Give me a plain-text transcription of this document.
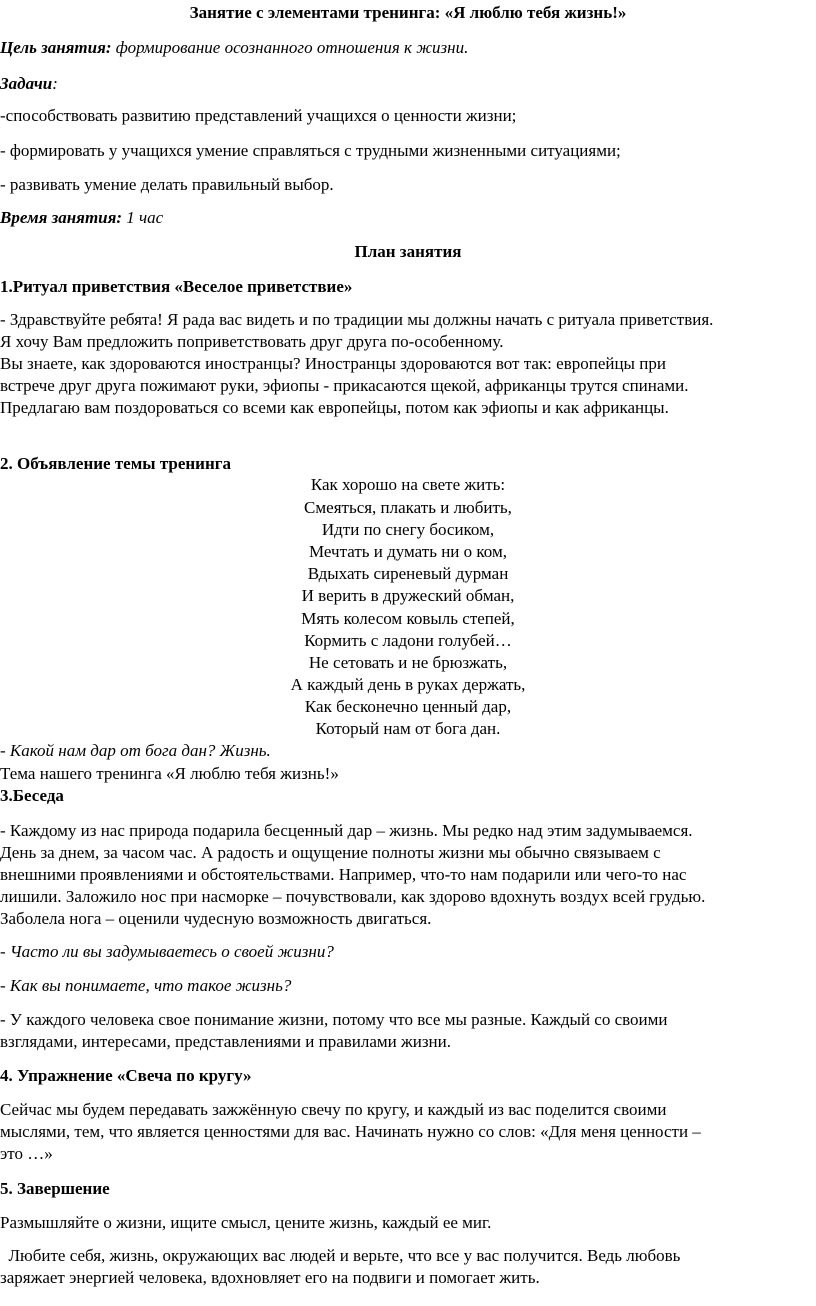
Занятие с элементами тренинга: «Я люблю тебя жизнь!»
Цель занятия: формирование осознанного отношения к жизни.
Задачи:
-способствовать развитию представлений учащихся о ценности жизни;
- формировать у учащихся умение справляться с трудными жизненными ситуациями;
- развивать умение делать правильный выбор.
Время занятия: 1 час
План занятия
1.Ритуал приветствия «Веселое приветствие»
- Здравствуйте ребята! Я рада вас видеть и по традиции мы должны начать с ритуала приветствия.
Я хочу Вам предложить поприветствовать друг друга по-особенному.
Вы знаете, как здороваются иностранцы? Иностранцы здороваются вот так: европейцы при
встрече друг друга пожимают руки, эфиопы - прикасаются щекой, африканцы трутся спинами.
Предлагаю вам поздороваться со всеми как европейцы, потом как эфиопы и как африканцы.
2. Объявление темы тренинга
Как хорошо на свете жить:
Смеяться, плакать и любить,
Идти по снегу босиком,
Мечтать и думать ни о ком,
Вдыхать сиреневый дурман
И верить в дружеский обман,
Мять колесом ковыль степей,
Кормить с ладони голубей…
Не сетовать и не брюзжать,
А каждый день в руках держать,
Как бесконечно ценный дар,
Который нам от бога дан.
- Какой нам дар от бога дан? Жизнь.
Тема нашего тренинга «Я люблю тебя жизнь!»
3.Беседа
- Каждому из нас природа подарила бесценный дар – жизнь. Мы редко над этим задумываемся.
День за днем, за часом час. А радость и ощущение полноты жизни мы обычно связываем с
внешними проявлениями и обстоятельствами. Например, что-то нам подарили или чего-то нас
лишили. Заложило нос при насморке – почувствовали, как здорово вдохнуть воздух всей грудью.
Заболела нога – оценили чудесную возможность двигаться.
- Часто ли вы задумываетесь о своей жизни?
- Как вы понимаете, что такое жизнь?
- У каждого человека свое понимание жизни, потому что все мы разные. Каждый со своими
взглядами, интересами, представлениями и правилами жизни.
4. Упражнение «Свеча по кругу»
Сейчас мы будем передавать зажжённую свечу по кругу, и каждый из вас поделится своими
мыслями, тем, что является ценностями для вас. Начинать нужно со слов: «Для меня ценности –
это …»
5. Завершение
Размышляйте о жизни, ищите смысл, цените жизнь, каждый ее миг.
Любите себя, жизнь, окружающих вас людей и верьте, что все у вас получится. Ведь любовь
заряжает энергией человека, вдохновляет его на подвиги и помогает жить.
